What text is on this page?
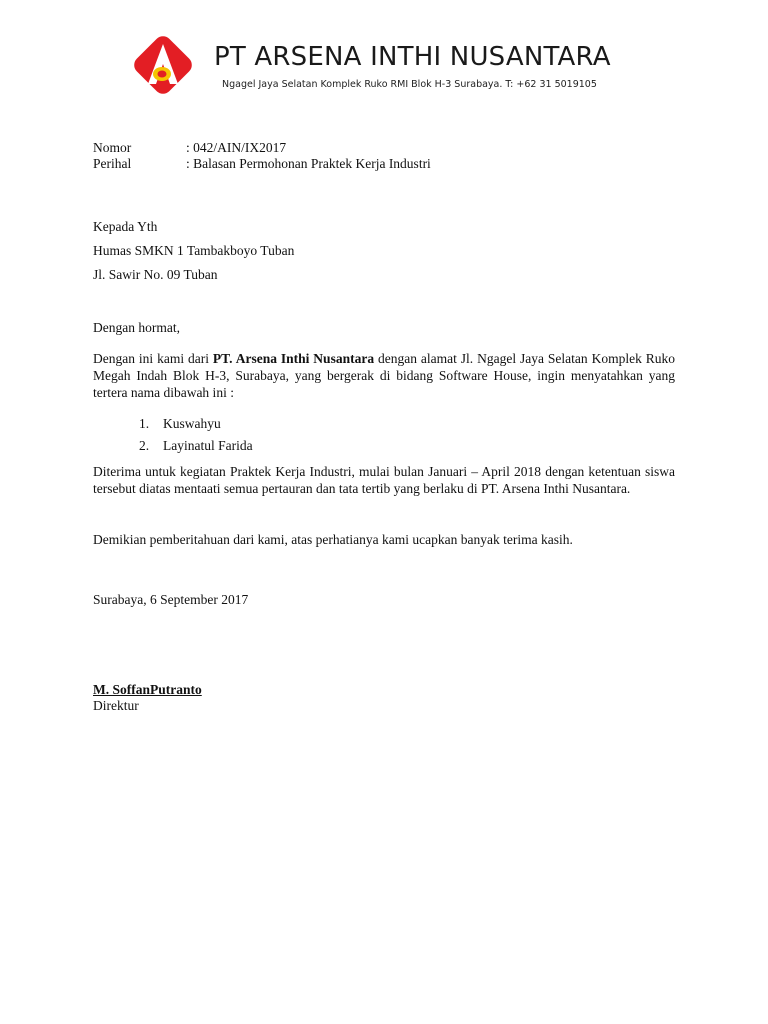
PT ARSENA INTHI NUSANTARA
Ngagel Jaya Selatan Komplek Ruko RMI Blok H-3 Surabaya. T: +62 31 5019105
Nomor	: 042/AIN/IX2017
Perihal	: Balasan Permohonan Praktek Kerja Industri
Kepada Yth
Humas SMKN 1 Tambakboyo Tuban
Jl. Sawir No. 09 Tuban
Dengan hormat,
Dengan ini kami dari PT. Arsena Inthi Nusantara dengan alamat Jl. Ngagel Jaya Selatan Komplek Ruko Megah Indah Blok H-3, Surabaya, yang bergerak di bidang Software House, ingin menyatahkan yang tertera nama dibawah ini :
1.	Kuswahyu
2.	Layinatul Farida
Diterima untuk kegiatan Praktek Kerja Industri, mulai bulan Januari – April 2018 dengan ketentuan siswa tersebut diatas mentaati semua pertauran dan tata tertib yang berlaku di PT. Arsena Inthi Nusantara.
Demikian pemberitahuan dari kami, atas perhatianya kami ucapkan banyak terima kasih.
Surabaya, 6 September 2017
M. SoffanPutranto
Direktur
